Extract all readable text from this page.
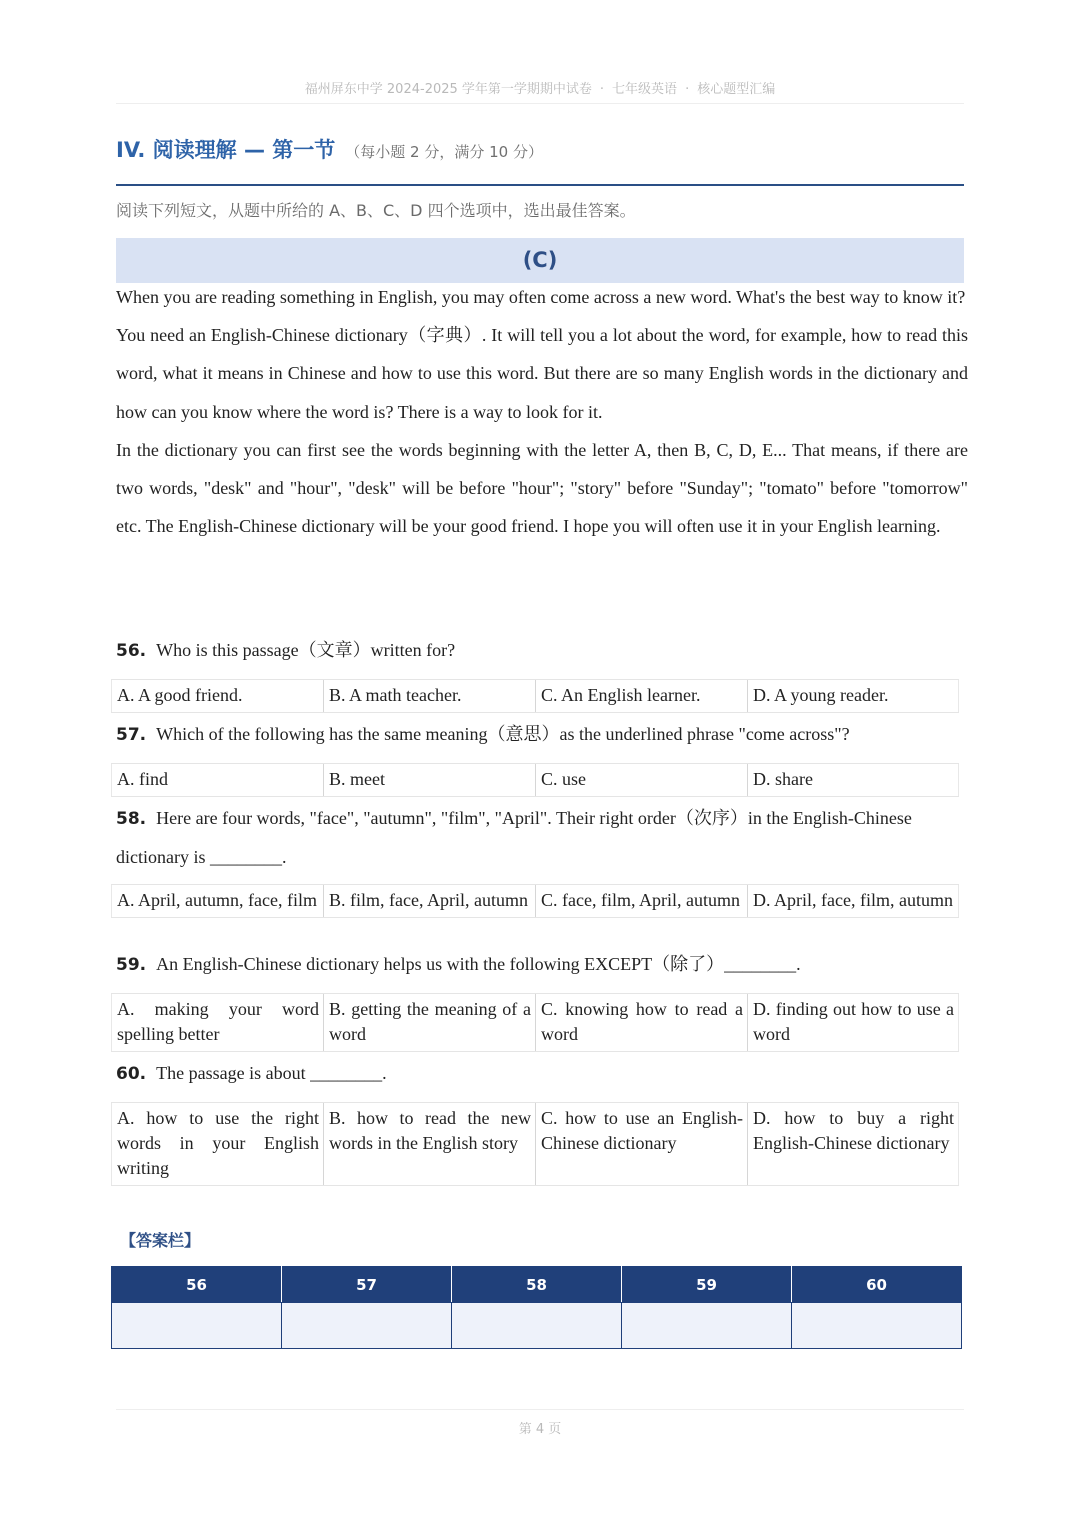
福州屏东中学 2024-2025 学年第一学期期中试卷 · 七年级英语 · 核心题型汇编
IV. 阅读理解 — 第一节 （每小题 2 分，满分 10 分）
阅读下列短文，从题中所给的 A、B、C、D 四个选项中，选出最佳答案。
(C)

When you are reading something in English, you may often come across a new word. What's the best way to know it?

You need an English-Chinese dictionary（字典）. It will tell you a lot about the word, for example, how to read this word, what it means in Chinese and how to use this word. But there are so many English words in the dictionary and how can you know where the word is? There is a way to look for it.

In the dictionary you can first see the words beginning with the letter A, then B, C, D, E... That means, if there are two words, "desk" and "hour", "desk" will be before "hour"; "story" before "Sunday"; "tomato" before "tomorrow" etc. The English-Chinese dictionary will be your good friend. I hope you will often use it in your English learning.

56. Who is this passage（文章）written for?
A. A good friend.	B. A math teacher.	C. An English learner.	D. A young reader.
57. Which of the following has the same meaning（意思）as the underlined phrase "come across"?
A. find	B. meet	C. use	D. share
58. Here are four words, "face", "autumn", "film", "April". Their right order（次序）in the English-Chinese dictionary is ________.
A. April, autumn, face, film B. film, face, April, autumn C. face, film, April, autumn D. April, face, film, autumn
59. An English-Chinese dictionary helps us with the following EXCEPT（除了）________.
A. making your word spelling better
B. getting the meaning of a word
C. knowing how to read a word
D. finding out how to use a word
60. The passage is about ________.
A. how to use the right words in your English writing
B. how to read the new words in the English story
C. how to use an English-Chinese dictionary
D. how to buy a right English-Chinese dictionary
【答案栏】
56	57	58	59	60

第 4 页
